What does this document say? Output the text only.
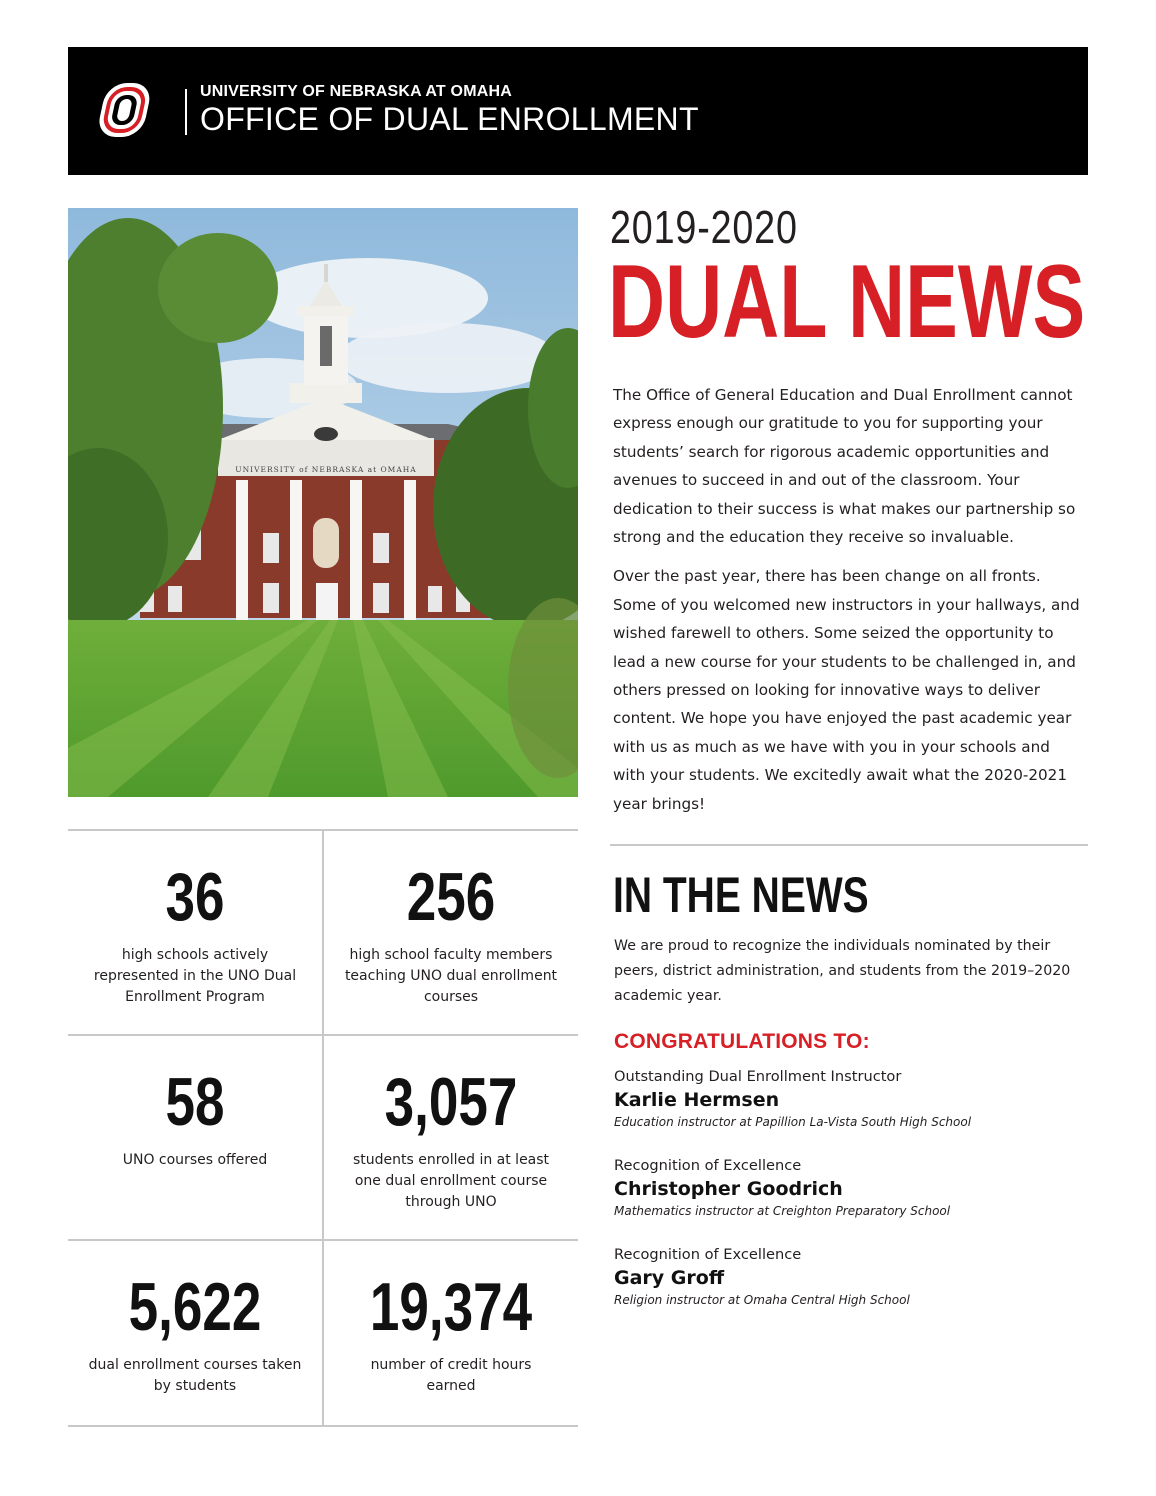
UNIVERSITY OF NEBRASKA AT OMAHA
OFFICE OF DUAL ENROLLMENT
UNIVERSITY of NEBRASKA at OMAHA
2019-2020
DUAL NEWS

The Office of General Education and Dual Enrollment cannot express enough our gratitude to you for supporting your students’ search for rigorous academic opportunities and avenues to succeed in and out of the classroom. Your dedication to their success is what makes our partnership so strong and the education they receive so invaluable.

Over the past year, there has been change on all fronts. Some of you welcomed new instructors in your hallways, and wished farewell to others. Some seized the opportunity to lead a new course for your students to be challenged in, and others pressed on looking for innovative ways to deliver content. We hope you have enjoyed the past academic year with us as much as we have with you in your schools and with your students. We excitedly await what the 2020-2021 year brings!

36
high schools actively represented in the UNO Dual Enrollment Program
256
high school faculty members teaching UNO dual enrollment courses
58
UNO courses offered
3,057
students enrolled in at least one dual enrollment course through UNO
5,622
dual enrollment courses taken by students
19,374
number of credit hours earned
IN THE NEWS
We are proud to recognize the individuals nominated by their peers, district administration, and students from the 2019–2020 academic year.
CONGRATULATIONS TO:
Outstanding Dual Enrollment Instructor
Karlie Hermsen
Education instructor at Papillion La-Vista South High School
Recognition of Excellence
Christopher Goodrich
Mathematics instructor at Creighton Preparatory School
Recognition of Excellence
Gary Groff
Religion instructor at Omaha Central High School
